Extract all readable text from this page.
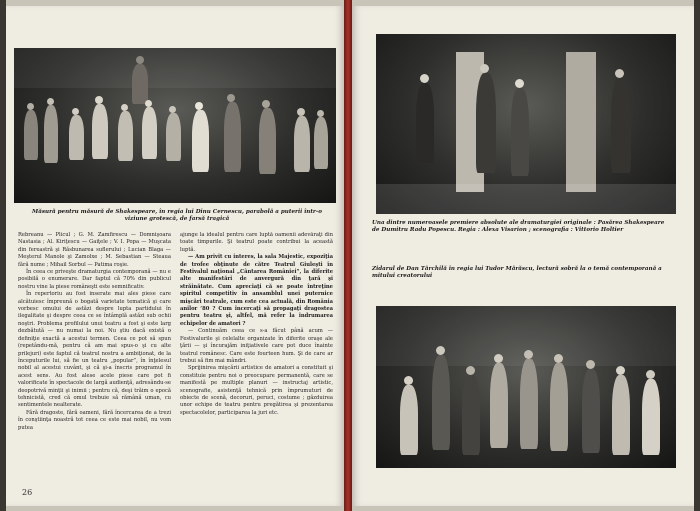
Măsură pentru măsură de Shakespeare, în regia lui Dinu Cernescu, parabolă a puterii într-o viziune grotescă, de farsă tragică

Rebreanu — Plicul ; G. M. Zamfirescu — Domnişoara Nastasia ; Al. Kiriţescu — Gaiţele ; V. I. Popa — Muşcata din fereastră şi Răsbunarea suflerului ; Lucian Blaga — Meşterul Manole şi Zamolxe ; M. Sebastian — Steaua fără nume ; Mihail Sorbul — Patima roşie.

În ceea ce priveşte dramaturgia contemporană — nu e posibilă o enumerare. Dar faptul că 70% din publicul nostru vine la piese româneşti este semnificativ.

În repertoriu au fost inserate mai ales piese care alcătuiesc împreună o bogată varietate tematică şi care vorbesc omului de astăzi despre lupta partidului în ilegalitate şi despre ceea ce se întâmplă astăzi sub ochii noştri. Problema profilului unui teatru a fost şi este larg dezbătută — nu numai la noi. Nu ştiu dacă există o definiţie exactă a acestui termen. Ceea ce pot să spun (repetându-mă, pentru că am mai spus-o şi cu alte prilejuri) este faptul că teatrul nostru a ambiţionat, de la începuturile lui, să fie un teatru „popular”, în înţelesul nobil al acestui cuvânt, şi că şi-a înscris programul în acest sens. Au fost alese acele piese care pot fi valorificate în spectacole de largă audienţă, adresându-se deopotrivă minţii şi inimii ; pentru că, deşi trăim o epocă tehnicistă, cred că omul trebuie să rămână uman, cu sentimentele nealterate.

Fără dragoste, fără oameni, fără încercarea de a trezi în conştiinţa noastră tot ceea ce este mai nobil, nu vom putea

ajunge la idealul pentru care luptă oamenii adevăraţi din toate timpurile. Şi teatrul poate contribui la această luptă.

— Am privit cu interes, la sala Majestic, expoziţia de trofee obţinute de către Teatrul Giuleşti în Festivalul naţional „Cântarea României”, la diferite alte manifestări de anvergură din ţară şi străinătate. Cum apreciaţi că se poate întreţine spiritul competitiv în ansamblul unei puternice mişcări teatrale, cum este cea actuală, din România anilor ’80 ? Cum încercaţi să propagaţi dragostea pentru teatru şi, altfel, mă refer la îndrumarea echipelor de amatori ?

— Continuăm ceea ce s-a făcut până acum — Festivalurile şi celelalte organizate în diferite oraşe ale ţării — şi încurajăm iniţiativele care pot duce înainte teatrul românesc. Care este fourteen hum. Şi de care ar trebui să fim mai mândri.

Sprijinirea mişcării artistice de amatori a constituit şi constituie pentru noi o preocupare permanentă, care se manifestă pe multiple planuri — instructaj artistic, scenografie, asistenţă tehnică prin împrumuturi de obiecte de scenă, decoruri, peruci, costume ; găzduirea unor echipe de teatru pentru pregătirea şi prezentarea spectacolelor, participarea la juri etc.

26
Una dintre numeroasele premiere absolute ale dramaturgiei originale : Pasărea Shakespeare de Dumitru Radu Popescu. Regia : Alexa Visarion ; scenografia : Vittorio Holtier
Zidarul de Dan Tărchilă în regia lui Tudor Mărăscu, lectură sobră la o temă contemporană a mitului creatorului
